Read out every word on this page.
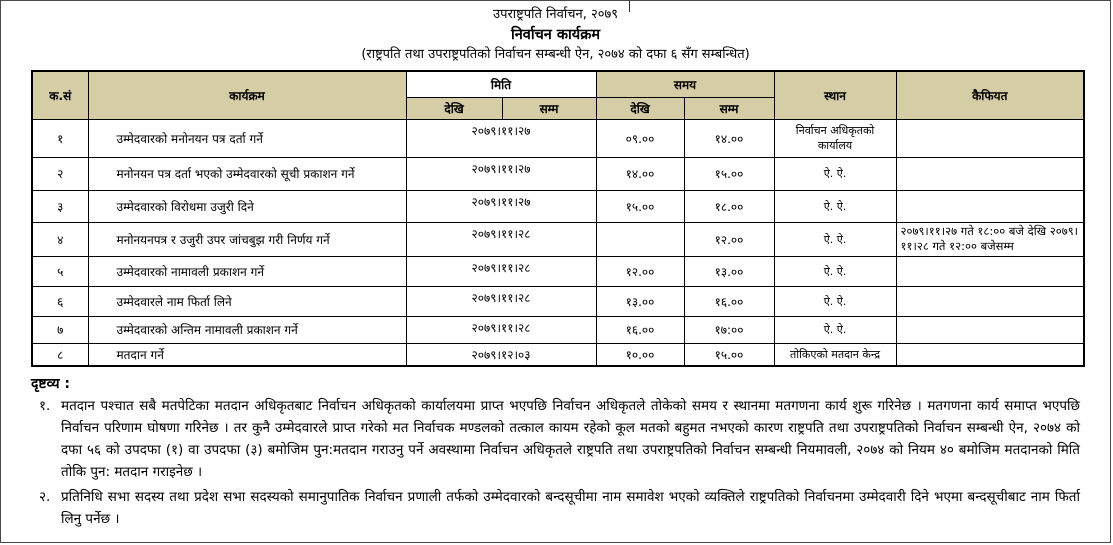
उपराष्ट्रपति निर्वाचन, २०७९
निर्वाचन कार्यक्रम
(राष्ट्रपति तथा उपराष्ट्रपतिको निर्वाचन सम्बन्धी ऐन, २०७४ को दफा ६ सँग सम्बन्धित)
क.सं	कार्यक्रम	मिति		समय		स्थान	कैफियत
		देखि	सम्म	देखि	सम्म		
१	उम्मेदवारको मनोनयन पत्र दर्ता गर्ने	२०७९।११।२७		०९.००	१४.००	निर्वाचन अधिकृतको कार्यालय	
२	मनोनयन पत्र दर्ता भएको उम्मेदवारको सूची प्रकाशन गर्ने	२०७९।११।२७		१४.००	१५.००	ऐ. ऐ.	
३	उम्मेदवारको विरोधमा उजुरी दिने	२०७९।११।२७		१५.००	१८.००	ऐ. ऐ.	
४	मनोनयनपत्र र उजुरी उपर जांचबुझ गरी निर्णय गर्ने	२०७९।११।२८			१२.००	ऐ. ऐ.	२०७९।११।२७ गते १८:०० बजे देखि २०७९।११।२८ गते १२:०० बजेसम्म
५	उम्मेदवारको नामावली प्रकाशन गर्ने	२०७९।११।२८		१२.००	१३.००	ऐ. ऐ.	
६	उम्मेदवारले नाम फिर्ता लिने	२०७९।११।२८		१३.००	१६.००	ऐ. ऐ.	
७	उम्मेदवारको अन्तिम नामावली प्रकाशन गर्ने	२०७९।११।२८		१६.००	१७:००	ऐ. ऐ.	
८	मतदान गर्ने	२०७९।१२।०३		१०.००	१५.००	तोकिएको मतदान केन्द्र	
दृष्टव्य :
१. मतदान पश्चात सबै मतपेटिका मतदान अधिकृतबाट निर्वाचन अधिकृतको कार्यालयमा प्राप्त भएपछि निर्वाचन अधिकृतले तोकेको समय र स्थानमा मतगणना कार्य शुरू गरिनेछ । मतगणना कार्य समाप्त भएपछि निर्वाचन परिणाम घोषणा गरिनेछ । तर कुनै उम्मेदवारले प्राप्त गरेको मत निर्वाचक मण्डलको तत्काल कायम रहेको कूल मतको बहुमत नभएको कारण राष्ट्रपति तथा उपराष्ट्रपतिको निर्वाचन सम्बन्धी ऐन, २०७४ को दफा ५६ को उपदफा (१) वा उपदफा (३) बमोजिम पुन:मतदान गराउनु पर्ने अवस्थामा निर्वाचन अधिकृतले राष्ट्रपति तथा उपराष्ट्रपतिको निर्वाचन सम्बन्धी नियमावली, २०७४ को नियम ४० बमोजिम मतदानको मिति तोकि पुन: मतदान गराइनेछ ।
२. प्रतिनिधि सभा सदस्य तथा प्रदेश सभा सदस्यको समानुपातिक निर्वाचन प्रणाली तर्फको उम्मेदवारको बन्दसूचीमा नाम समावेश भएको व्यक्तिले राष्ट्रपतिको निर्वाचनमा उम्मेदवारी दिने भएमा बन्दसूचीबाट नाम फिर्ता लिनु पर्नेछ ।
